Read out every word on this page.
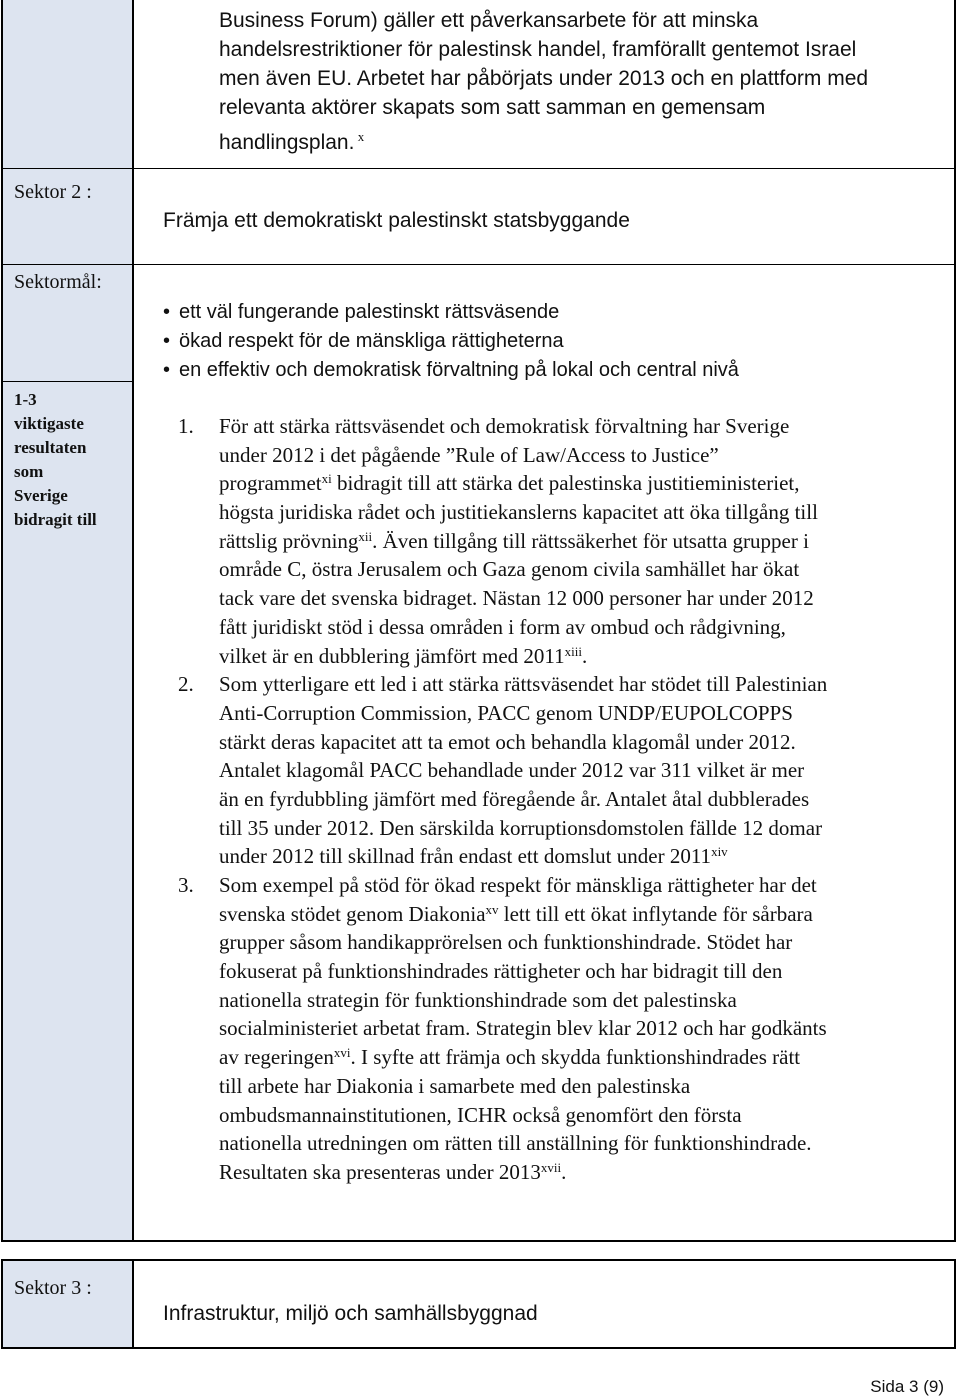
Business Forum) gäller ett påverkansarbete för att minska
handelsrestriktioner för palestinsk handel, framförallt gentemot Israel
men även EU. Arbetet har påbörjats under 2013 och en plattform med
relevanta aktörer skapats som satt samman en gemensam
handlingsplan. $^x$
Sektor 2 :
Främja ett demokratiskt palestinskt statsbyggande
Sektormål:
• ett väl fungerande palestinskt rättsväsende
• ökad respekt för de mänskliga rättigheterna
• en effektiv och demokratisk förvaltning på lokal och central nivå
1-3
viktigaste
resultaten
som
Sverige
bidragit till
1. För att stärka rättsväsendet och demokratisk förvaltning har Sverige
under 2012 i det pågående ”Rule of Law/Access to Justice”
programmet$^{xi}$ bidragit till att stärka det palestinska justitieministeriet,
högsta juridiska rådet och justitiekanslerns kapacitet att öka tillgång till
rättslig prövning$^{xii}$. Även tillgång till rättssäkerhet för utsatta grupper i
område C, östra Jerusalem och Gaza genom civila samhället har ökat
tack vare det svenska bidraget. Nästan 12 000 personer har under 2012
fått juridiskt stöd i dessa områden i form av ombud och rådgivning,
vilket är en dubblering jämfört med 2011$^{xiii}$.
2. Som ytterligare ett led i att stärka rättsväsendet har stödet till Palestinian
Anti-Corruption Commission, PACC genom UNDP/EUPOLCOPPS
stärkt deras kapacitet att ta emot och behandla klagomål under 2012.
Antalet klagomål PACC behandlade under 2012 var 311 vilket är mer
än en fyrdubbling jämfört med föregående år. Antalet åtal dubblerades
till 35 under 2012. Den särskilda korruptionsdomstolen fällde 12 domar
under 2012 till skillnad från endast ett domslut under 2011$^{xiv}$
3. Som exempel på stöd för ökad respekt för mänskliga rättigheter har det
svenska stödet genom Diakonia$^{xv}$ lett till ett ökat inflytande för sårbara
grupper såsom handikapprörelsen och funktionshindrade. Stödet har
fokuserat på funktionshindrades rättigheter och har bidragit till den
nationella strategin för funktionshindrade som det palestinska
socialministeriet arbetat fram. Strategin blev klar 2012 och har godkänts
av regeringen$^{xvi}$. I syfte att främja och skydda funktionshindrades rätt
till arbete har Diakonia i samarbete med den palestinska
ombudsmannainstitutionen, ICHR också genomfört den första
nationella utredningen om rätten till anställning för funktionshindrade.
Resultaten ska presenteras under 2013$^{xvii}$.
Sektor 3 :
Infrastruktur, miljö och samhällsbyggnad
Sida 3 (9)
